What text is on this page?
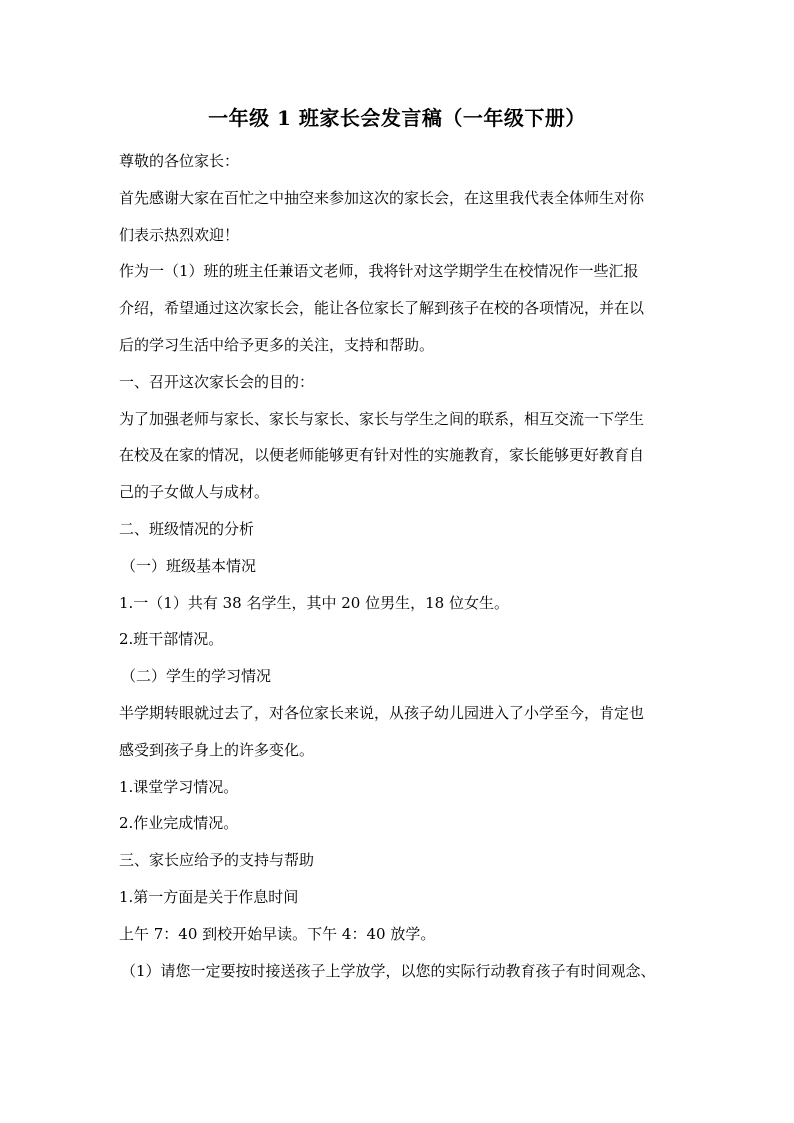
一年级 1 班家长会发言稿（一年级下册）
尊敬的各位家长：
首先感谢大家在百忙之中抽空来参加这次的家长会，在这里我代表全体师生对你
们表示热烈欢迎！
作为一（1）班的班主任兼语文老师，我将针对这学期学生在校情况作一些汇报
介绍，希望通过这次家长会，能让各位家长了解到孩子在校的各项情况，并在以
后的学习生活中给予更多的关注，支持和帮助。
一、召开这次家长会的目的：
为了加强老师与家长、家长与家长、家长与学生之间的联系，相互交流一下学生
在校及在家的情况，以便老师能够更有针对性的实施教育，家长能够更好教育自
己的子女做人与成材。
二、班级情况的分析
（一）班级基本情况
1.一（1）共有 38 名学生，其中 20 位男生，18 位女生。
2.班干部情况。
（二）学生的学习情况
半学期转眼就过去了，对各位家长来说，从孩子幼儿园进入了小学至今，肯定也
感受到孩子身上的许多变化。
1.课堂学习情况。
2.作业完成情况。
三、家长应给予的支持与帮助
1.第一方面是关于作息时间
上午 7：40 到校开始早读。下午 4：40 放学。
（1）请您一定要按时接送孩子上学放学，以您的实际行动教育孩子有时间观念、
